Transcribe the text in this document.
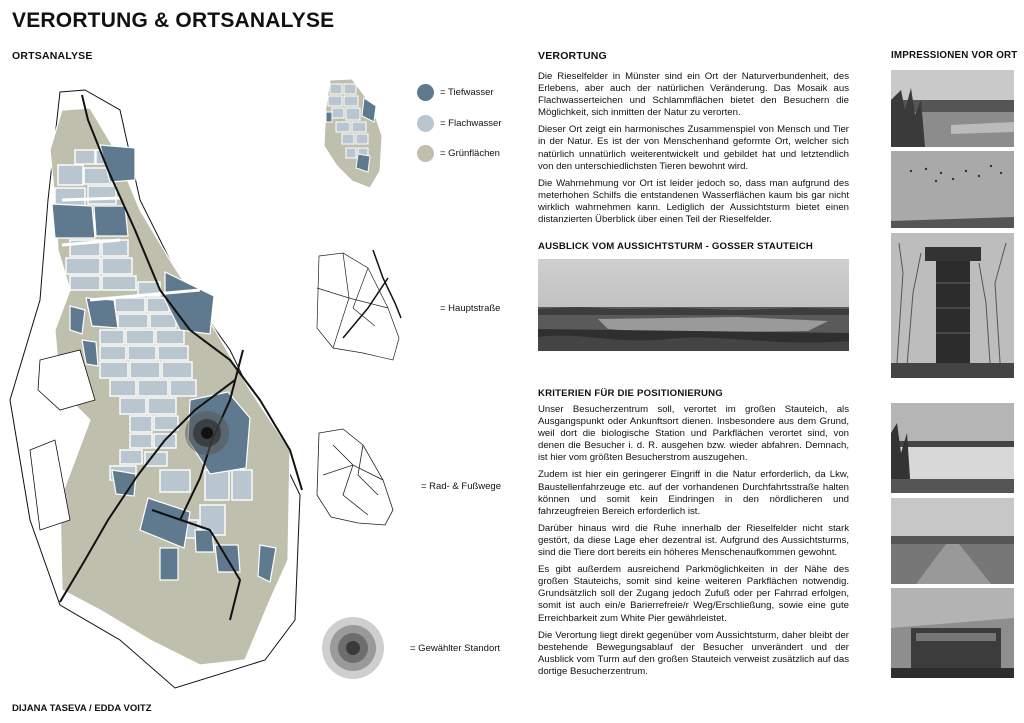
VERORTUNG & ORTSANALYSE
ORTSANALYSE	VERORTUNG	IMPRESSIONEN VOR ORT
= Tiefwasser
= Flachwasser
= Grünflächen
= Hauptstraße
= Rad- & Fußwege
= Gewählter Standort

Die Rieselfelder in Münster sind ein Ort der Naturverbundenheit, des Erlebens, aber auch der natürlichen Veränderung. Das Mosaik aus Flachwasserteichen und Schlammflächen bietet den Besuchern die Möglichkeit, sich inmitten der Natur zu verorten.

Dieser Ort zeigt ein harmonisches Zusammenspiel von Mensch und Tier in der Natur. Es ist der von Menschenhand geformte Ort, welcher sich natürlich unnatürlich weiterentwickelt und gebildet hat und letztendlich von den unterschiedlichsten Tieren bewohnt wird.

Die Wahrnehmung vor Ort ist leider jedoch so, dass man aufgrund des meterhohen Schilfs die entstandenen Wasserflächen kaum bis gar nicht wirklich wahrnehmen kann. Lediglich der Aussichtsturm bietet einen distanzierten Überblick über einen Teil der Rieselfelder.

AUSBLICK VOM AUSSICHTSTURM - GOSSER STAUTEICH
KRITERIEN FÜR DIE POSITIONIERUNG

Unser Besucherzentrum soll, verortet im großen Stauteich, als Ausgangspunkt oder Ankunftsort dienen. Insbesondere aus dem Grund, weil dort die biologische Station und Parkflächen verortet sind, von denen die Besucher i. d. R. ausgehen bzw. wieder abfahren. Demnach, ist hier vom größten Besucherstrom auszugehen.

Zudem ist hier ein geringerer Eingriff in die Natur erforderlich, da Lkw, Baustellenfahrzeuge etc. auf der vorhandenen Durchfahrtsstraße halten können und somit kein Eindringen in den nördlicheren und fahrzeugfreien Bereich erforderlich ist.

Darüber hinaus wird die Ruhe innerhalb der Rieselfelder nicht stark gestört, da diese Lage eher dezentral ist. Aufgrund des Aussichtsturms, sind die Tiere dort bereits ein höheres Menschenaufkommen gewohnt.

Es gibt außerdem ausreichend Parkmöglichkeiten in der Nähe des großen Stauteichs, somit sind keine weiteren Parkflächen notwendig. Grundsätzlich soll der Zugang jedoch Zufuß oder per Fahrrad erfolgen, somit ist auch ein/e Barierrefreie/r Weg/Erschließung, sowie eine gute Erreichbarkeit zum White Pier gewährleistet.

Die Verortung liegt direkt gegenüber vom Aussichtsturm, daher bleibt der bestehende Bewegungsablauf der Besucher unverändert und der Ausblick vom Turm auf den großen Stauteich verweist zusätzlich auf das dortige Besucherzentrum.

DIJANA TASEVA / EDDA VOITZ
